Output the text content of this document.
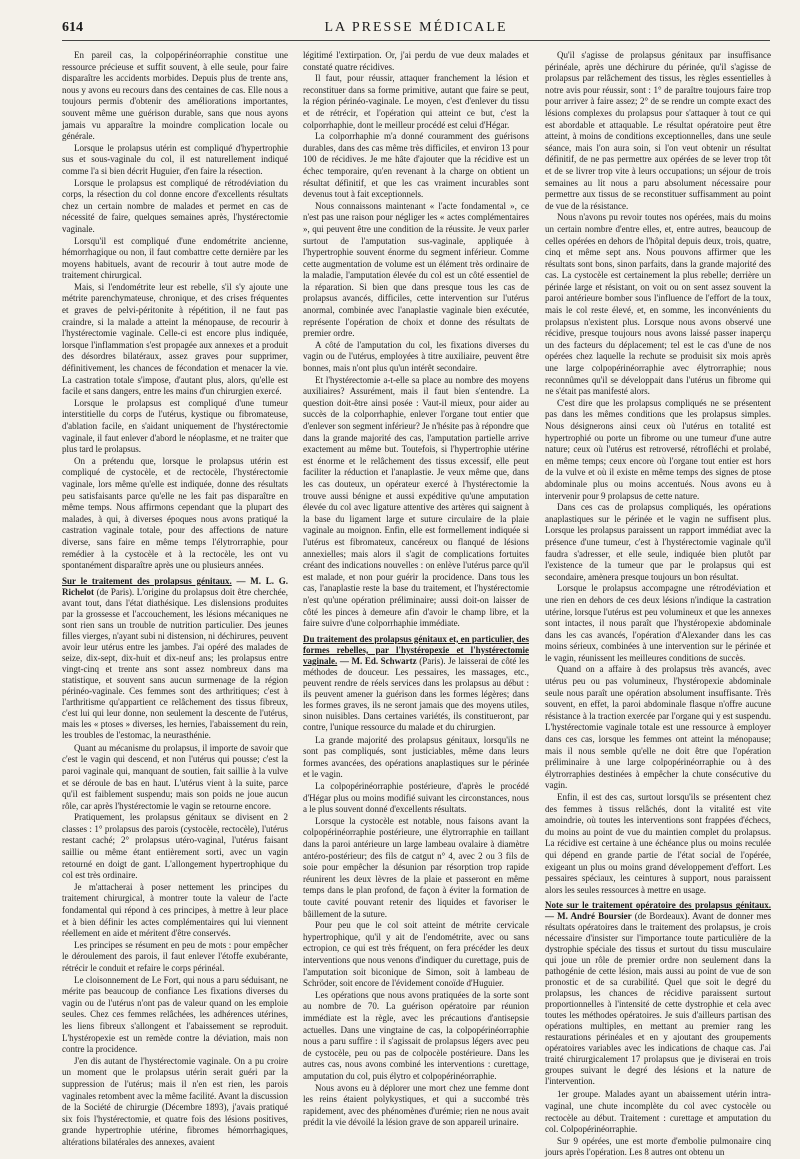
614	LA PRESSE MÉDICALE

En pareil cas, la colpopérinéorraphie constitue une ressource précieuse et suffit souvent, à elle seule, pour faire disparaître les accidents morbides. Depuis plus de trente ans, nous y avons eu recours dans des centaines de cas. Elle nous a toujours permis d'obtenir des améliorations importantes, souvent même une guérison durable, sans que nous ayons jamais vu apparaître la moindre complication locale ou générale.

Lorsque le prolapsus utérin est compliqué d'hypertrophie sus et sous-vaginale du col, il est naturellement indiqué comme l'a si bien décrit Huguier, d'en faire la résection.

Lorsque le prolapsus est compliqué de rétrodéviation du corps, la résection du col donne encore d'excellents résultats chez un certain nombre de malades et permet en cas de nécessité de faire, quelques semaines après, l'hystérectomie vaginale.

Lorsqu'il est compliqué d'une endométrite ancienne, hémorrhagique ou non, il faut combattre cette dernière par les moyens habituels, avant de recourir à tout autre mode de traitement chirurgical.

Mais, si l'endométrite leur est rebelle, s'il s'y ajoute une métrite parenchymateuse, chronique, et des crises fréquentes et graves de pelvi-péritonite à répétition, il ne faut pas craindre, si la malade a atteint la ménopause, de recourir à l'hystérectomie vaginale. Celle-ci est encore plus indiquée, lorsque l'inflammation s'est propagée aux annexes et a produit des désordres bilatéraux, assez graves pour supprimer, définitivement, les chances de fécondation et menacer la vie. La castration totale s'impose, d'autant plus, alors, qu'elle est facile et sans dangers, entre les mains d'un chirurgien exercé.

Lorsque le prolapsus est compliqué d'une tumeur interstitielle du corps de l'utérus, kystique ou fibromateuse, d'ablation facile, en s'aidant uniquement de l'hystérectomie vaginale, il faut enlever d'abord le néoplasme, et ne traiter que plus tard le prolapsus.

On a prétendu que, lorsque le prolapsus utérin est compliqué de cystocèle, et de rectocèle, l'hystérectomie vaginale, lors même qu'elle est indiquée, donne des résultats peu satisfaisants parce qu'elle ne les fait pas disparaître en même temps. Nous affirmons cependant que la plupart des malades, à qui, à diverses époques nous avons pratiqué la castration vaginale totale, pour des affections de nature diverse, sans faire en même temps l'élytrorraphie, pour remédier à la cystocèle et à la rectocèle, les ont vu spontanément disparaître après une ou plusieurs années.

Sur le traitement des prolapsus génitaux. — M. L. G. Richelot (de Paris). L'origine du prolapsus doit être cherchée, avant tout, dans l'état diathésique. Les dislensions produites par la grossesse et l'accouchement, les lésions mécaniques ne sont rien sans un trouble de nutrition particulier. Des jeunes filles vierges, n'ayant subi ni distension, ni déchirures, peuvent avoir leur utérus entre les jambes. J'ai opéré des malades de seize, dix-sept, dix-huit et dix-neuf ans; les prolapsus entre vingt-cinq et trente ans sont assez nombreux dans ma statistique, et souvent sans aucun surmenage de la région périnéo-vaginale. Ces femmes sont des arthritiques; c'est à l'arthritisme qu'appartient ce relâchement des tissus fibreux, c'est lui qui leur donne, non seulement la descente de l'utérus, mais les « ptoses » diverses, les hernies, l'abaissement du rein, les troubles de l'estomac, la neurasthénie.

Quant au mécanisme du prolapsus, il importe de savoir que c'est le vagin qui descend, et non l'utérus qui pousse; c'est la paroi vaginale qui, manquant de soutien, fait saillie à la vulve et se déroule de bas en haut. L'utérus vient à la suite, parce qu'il est faiblement suspendu; mais son poids ne joue aucun rôle, car après l'hystérectomie le vagin se retourne encore.

Pratiquement, les prolapsus génitaux se divisent en 2 classes : 1° prolapsus des parois (cystocèle, rectocèle), l'utérus restant caché; 2° prolapsus utéro-vaginal, l'utérus faisant saillie ou même étant entièrement sorti, avec un vagin retourné en doigt de gant. L'allongement hypertrophique du col est très ordinaire.

Je m'attacherai à poser nettement les principes du traitement chirurgical, à montrer toute la valeur de l'acte fondamental qui répond à ces principes, à mettre à leur place et à bien définir les actes complémentaires qui lui viennent réellement en aide et méritent d'être conservés.

Les principes se résument en peu de mots : pour empêcher le déroulement des parois, il faut enlever l'étoffe exubérante, rétrécir le conduit et refaire le corps périnéal.

Le cloisonnement de Le Fort, qui nous a paru séduisant, ne mérite pas beaucoup de confiance Les fixations diverses du vagin ou de l'utérus n'ont pas de valeur quand on les emploie seules. Chez ces femmes relâchées, les adhérences utérines, les liens fibreux s'allongent et l'abaissement se reproduit. L'hystéropexie est un remède contre la déviation, mais non contre la procidence.

J'en dis autant de l'hystérectomie vaginale. On a pu croire un moment que le prolapsus utérin serait guéri par la suppression de l'utérus; mais il n'en est rien, les parois vaginales retombent avec la même facilité. Avant la discussion de la Société de chirurgie (Décembre 1893), j'avais pratiqué six fois l'hystérectomie, et quatre fois des lésions positives, grande hypertrophie utérine, fibromes hémorrhagiques, altérations bilatérales des annexes, avaient

légitimé l'extirpation. Or, j'ai perdu de vue deux malades et constaté quatre récidives.

Il faut, pour réussir, attaquer franchement la lésion et reconstituer dans sa forme primitive, autant que faire se peut, la région périnéo-vaginale. Le moyen, c'est d'enlever du tissu et de rétrécir, et l'opération qui atteint ce but, c'est la colporrhaphie, dont le meilleur procédé est celui d'Hégar.

La colporrhaphie m'a donné couramment des guérisons durables, dans des cas même très difficiles, et environ 13 pour 100 de récidives. Je me hâte d'ajouter que la récidive est un échec temporaire, qu'en revenant à la charge on obtient un résultat définitif, et que les cas vraiment incurables sont devenus tout à fait exceptionnels.

Nous connaissons maintenant « l'acte fondamental », ce n'est pas une raison pour négliger les « actes complémentaires », qui peuvent être une condition de la réussite. Je veux parler surtout de l'amputation sus-vaginale, appliquée à l'hypertrophie souvent énorme du segment inférieur. Comme cette augmentation de volume est un élément très ordinaire de la maladie, l'amputation élevée du col est un côté essentiel de la réparation. Si bien que dans presque tous les cas de prolapsus avancés, difficiles, cette intervention sur l'utérus anormal, combinée avec l'anaplastie vaginale bien exécutée, représente l'opération de choix et donne des résultats de premier ordre.

A côté de l'amputation du col, les fixations diverses du vagin ou de l'utérus, employées à titre auxiliaire, peuvent être bonnes, mais n'ont plus qu'un intérêt secondaire.

Et l'hystérectomie a-t-elle sa place au nombre des moyens auxiliaires? Assurément, mais il faut bien s'entendre. La question doit-être ainsi posée : Vaut-il mieux, pour aider au succès de la colporrhaphie, enlever l'organe tout entier que d'enlever son segment inférieur? Je n'hésite pas à répondre que dans la grande majorité des cas, l'amputation partielle arrive exactement au même but. Toutefois, si l'hypertrophie utérine est énorme et le relâchement des tissus excessif, elle peut faciliter la réduction et l'anaplastie. Je veux même que, dans les cas douteux, un opérateur exercé à l'hystérectomie la trouve aussi bénigne et aussi expéditive qu'une amputation élevée du col avec ligature attentive des artères qui saignent à la base du ligament large et suture circulaire de la plaie vaginale au moignon. Enfin, elle est formellement indiquée si l'utérus est fibromateux, cancéreux ou flanqué de lésions annexielles; mais alors il s'agit de complications fortuites créant des indications nouvelles : on enlève l'utérus parce qu'il est malade, et non pour guérir la procidence. Dans tous les cas, l'anaplastie reste la base du traitement, et l'hystérectomie n'est qu'une opération préliminaire; aussi doit-on laisser de côté les pinces à demeure afin d'avoir le champ libre, et la faire suivre d'une colporrhaphie immédiate.

Du traitement des prolapsus génitaux et, en particulier, des formes rebelles, par l'hystéropexie et l'hystérectomie vaginale. — M. Ed. Schwartz (Paris). Je laisserai de côté les méthodes de douceur. Les pessaires, les massages, etc., peuvent rendre de réels services dans les prolapsus au début : ils peuvent amener la guérison dans les formes légères; dans les formes graves, ils ne seront jamais que des moyens utiles, sinon nuisibles. Dans certaines variétés, ils constitueront, par contre, l'unique ressource du malade et du chirurgien.

La grande majorité des prolapsus génitaux, lorsqu'ils ne sont pas compliqués, sont justiciables, même dans leurs formes avancées, des opérations anaplastiques sur le périnée et le vagin.

La colpopérinéorraphie postérieure, d'après le procédé d'Hégar plus ou moins modifié suivant les circonstances, nous a le plus souvent donné d'excellents résultats.

Lorsque la cystocèle est notable, nous faisons avant la colpopérinéorraphie postérieure, une élytrorraphie en taillant dans la paroi antérieure un large lambeau ovalaire à diamètre antéro-postérieur; des fils de catgut n° 4, avec 2 ou 3 fils de soie pour empêcher la désunion par résorption trop rapide réunirent les deux lèvres de la plaie et passeront en même temps dans le plan profond, de façon à éviter la formation de toute cavité pouvant retenir des liquides et favoriser le bâillement de la suture.

Pour peu que le col soit atteint de métrite cervicale hypertrophique, qu'il y ait de l'endométrite, avec ou sans ectropion, ce qui est très fréquent, on fera précéder les deux interventions que nous venons d'indiquer du curettage, puis de l'amputation soit biconique de Simon, soit à lambeau de Schröder, soit encore de l'évidement conoïde d'Huguier.

Les opérations que nous avons pratiquées de la sorte sont au nombre de 70. La guérison opératoire par réunion immédiate est la règle, avec les précautions d'antisepsie actuelles. Dans une vingtaine de cas, la colpopérinéorraphie nous a paru suffire : il s'agissait de prolapsus légers avec peu de cystocèle, peu ou pas de colpocèle postérieure. Dans les autres cas, nous avons combiné les interventions : curettage, amputation du col, puis élytro et colpopérinéorraphie.

Nous avons eu à déplorer une mort chez une femme dont les reins étaient polykystiques, et qui a succombé très rapidement, avec des phénomènes d'urémie; rien ne nous avait prédit la vie dévoilé la lésion grave de son appareil urinaire.

Qu'il s'agisse de prolapsus génitaux par insuffisance périnéale, après une déchirure du périnée, qu'il s'agisse de prolapsus par relâchement des tissus, les règles essentielles à notre avis pour réussir, sont : 1° de paraître toujours faire trop pour arriver à faire assez; 2° de se rendre un compte exact des lésions complexes du prolapsus pour s'attaquer à tout ce qui est abordable et attaquable. Le résultat opératoire peut être atteint, à moins de conditions exceptionnelles, dans une seule séance, mais l'on aura soin, si l'on veut obtenir un résultat définitif, de ne pas permettre aux opérées de se lever trop tôt et de se livrer trop vite à leurs occupations; un séjour de trois semaines au lit nous a paru absolument nécessaire pour permettre aux tissus de se reconstituer suffisamment au point de vue de la résistance.

Nous n'avons pu revoir toutes nos opérées, mais du moins un certain nombre d'entre elles, et, entre autres, beaucoup de celles opérées en dehors de l'hôpital depuis deux, trois, quatre, cinq et même sept ans. Nous pouvons affirmer que les résultats sont bons, sinon parfaits, dans la grande majorité des cas. La cystocèle est certainement la plus rebelle; derrière un périnée large et résistant, on voit ou on sent assez souvent la paroi antérieure bomber sous l'influence de l'effort de la toux, mais le col reste élevé, et, en somme, les inconvénients du prolapsus n'existent plus. Lorsque nous avons observé une récidive, presque toujours nous avons laissé passer inaperçu un des facteurs du déplacement; tel est le cas d'une de nos opérées chez laquelle la rechute se produisit six mois après une large colpopérinéorraphie avec élytrorraphie; nous reconnûmes qu'il se développait dans l'utérus un fibrome qui ne s'était pas manifesté alors.

C'est dire que les prolapsus compliqués ne se présentent pas dans les mêmes conditions que les prolapsus simples. Nous désignerons ainsi ceux où l'utérus en totalité est hypertrophié ou porte un fibrome ou une tumeur d'une autre nature; ceux où l'utérus est retroversé, rétrofléchi et prolabé, en même temps; ceux encore où l'organe tout entier est hors de la vulve et où il existe en même temps des signes de ptose abdominale plus ou moins accentués. Nous avons eu à intervenir pour 9 prolapsus de cette nature.

Dans ces cas de prolapsus compliqués, les opérations anaplastiques sur le périnée et le vagin ne suffisent plus. Lorsque les prolapsus paraissent un rapport immédiat avec la présence d'une tumeur, c'est à l'hystérectomie vaginale qu'il faudra s'adresser, et elle seule, indiquée bien plutôt par l'existence de la tumeur que par le prolapsus qui est secondaire, amènera presque toujours un bon résultat.

Lorsque le prolapsus accompagne une rétrodéviation et une rien en dehors de ces deux lésions n'indique la castration utérine, lorsque l'utérus est peu volumineux et que les annexes sont intactes, il nous paraît que l'hystéropexie abdominale dans les cas avancés, l'opération d'Alexander dans les cas moins sérieux, combinées à une intervention sur le périnée et le vagin, réunissent les meilleures conditions de succès.

Quand on a affaire à des prolapsus très avancés, avec utérus peu ou pas volumineux, l'hystéropexie abdominale seule nous paraît une opération absolument insuffisante. Très souvent, en effet, la paroi abdominale flasque n'offre aucune résistance à la traction exercée par l'organe qui y est suspendu. L'hystérectomie vaginale totale est une ressource à employer dans ces cas, lorsque les femmes ont atteint la ménopause; mais il nous semble qu'elle ne doit être que l'opération préliminaire à une large colpopérinéorraphie ou à des élytrorraphies destinées à empêcher la chute consécutive du vagin.

Enfin, il est des cas, surtout lorsqu'ils se présentent chez des femmes à tissus relâchés, dont la vitalité est vite amoindrie, où toutes les interventions sont frappées d'échecs, du moins au point de vue du maintien complet du prolapsus. La récidive est certaine à une échéance plus ou moins reculée qui dépend en grande partie de l'état social de l'opérée, exigeant un plus ou moins grand développement d'effort. Les pessaires spéciaux, les ceintures à support, nous paraissent alors les seules ressources à mettre en usage.

Note sur le traitement opératoire des prolapsus génitaux. — M. André Boursier (de Bordeaux). Avant de donner mes résultats opératoires dans le traitement des prolapsus, je crois nécessaire d'insister sur l'importance toute particulière de la dystrophie spéciale des tissus et surtout du tissu musculaire qui joue un rôle de premier ordre non seulement dans la pathogénie de cette lésion, mais aussi au point de vue de son pronostic et de sa curabilité. Quel que soit le degré du prolapsus, les chances de récidive paraissent surtout proportionnelles à l'intensité de cette dystrophie et cela avec toutes les méthodes opératoires. Je suis d'ailleurs partisan des opérations multiples, en mettant au premier rang les restaurations périnéales et en y ajoutant des groupements opératoires variables avec les indications de chaque cas. J'ai traité chirurgicalement 17 prolapsus que je diviserai en trois groupes suivant le degré des lésions et la nature de l'intervention.

1er groupe. Malades ayant un abaissement utérin intra-vaginal, une chute incomplète du col avec cystocèle ou rectocèle au début. Traitement : curettage et amputation du col. Colpopérinéorraphie.

Sur 9 opérées, une est morte d'embolie pulmonaire cinq jours après l'opération. Les 8 autres ont obtenu un
